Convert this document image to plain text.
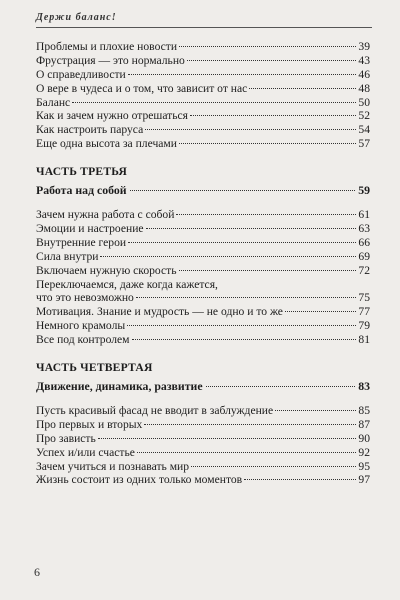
Держи баланс!
Проблемы и плохие новости	39
Фрустрация — это нормально	43
О справедливости	46
О вере в чудеса и о том, что зависит от нас	48
Баланс	50
Как и зачем нужно отрешаться	52
Как настроить паруса	54
Еще одна высота за плечами	57
ЧАСТЬ ТРЕТЬЯ
Работа над собой	59
Зачем нужна работа с собой	61
Эмоции и настроение	63
Внутренние герои	66
Сила внутри	69
Включаем нужную скорость	72
Переключаемся, даже когда кажется,
что это невозможно	75
Мотивация. Знание и мудрость — не одно и то же	77
Немного крамолы	79
Все под контролем	81
ЧАСТЬ ЧЕТВЕРТАЯ
Движение, динамика, развитие	83
Пусть красивый фасад не вводит в заблуждение	85
Про первых и вторых	87
Про зависть	90
Успех и/или счастье	92
Зачем учиться и познавать мир	95
Жизнь состоит из одних только моментов	97
6
